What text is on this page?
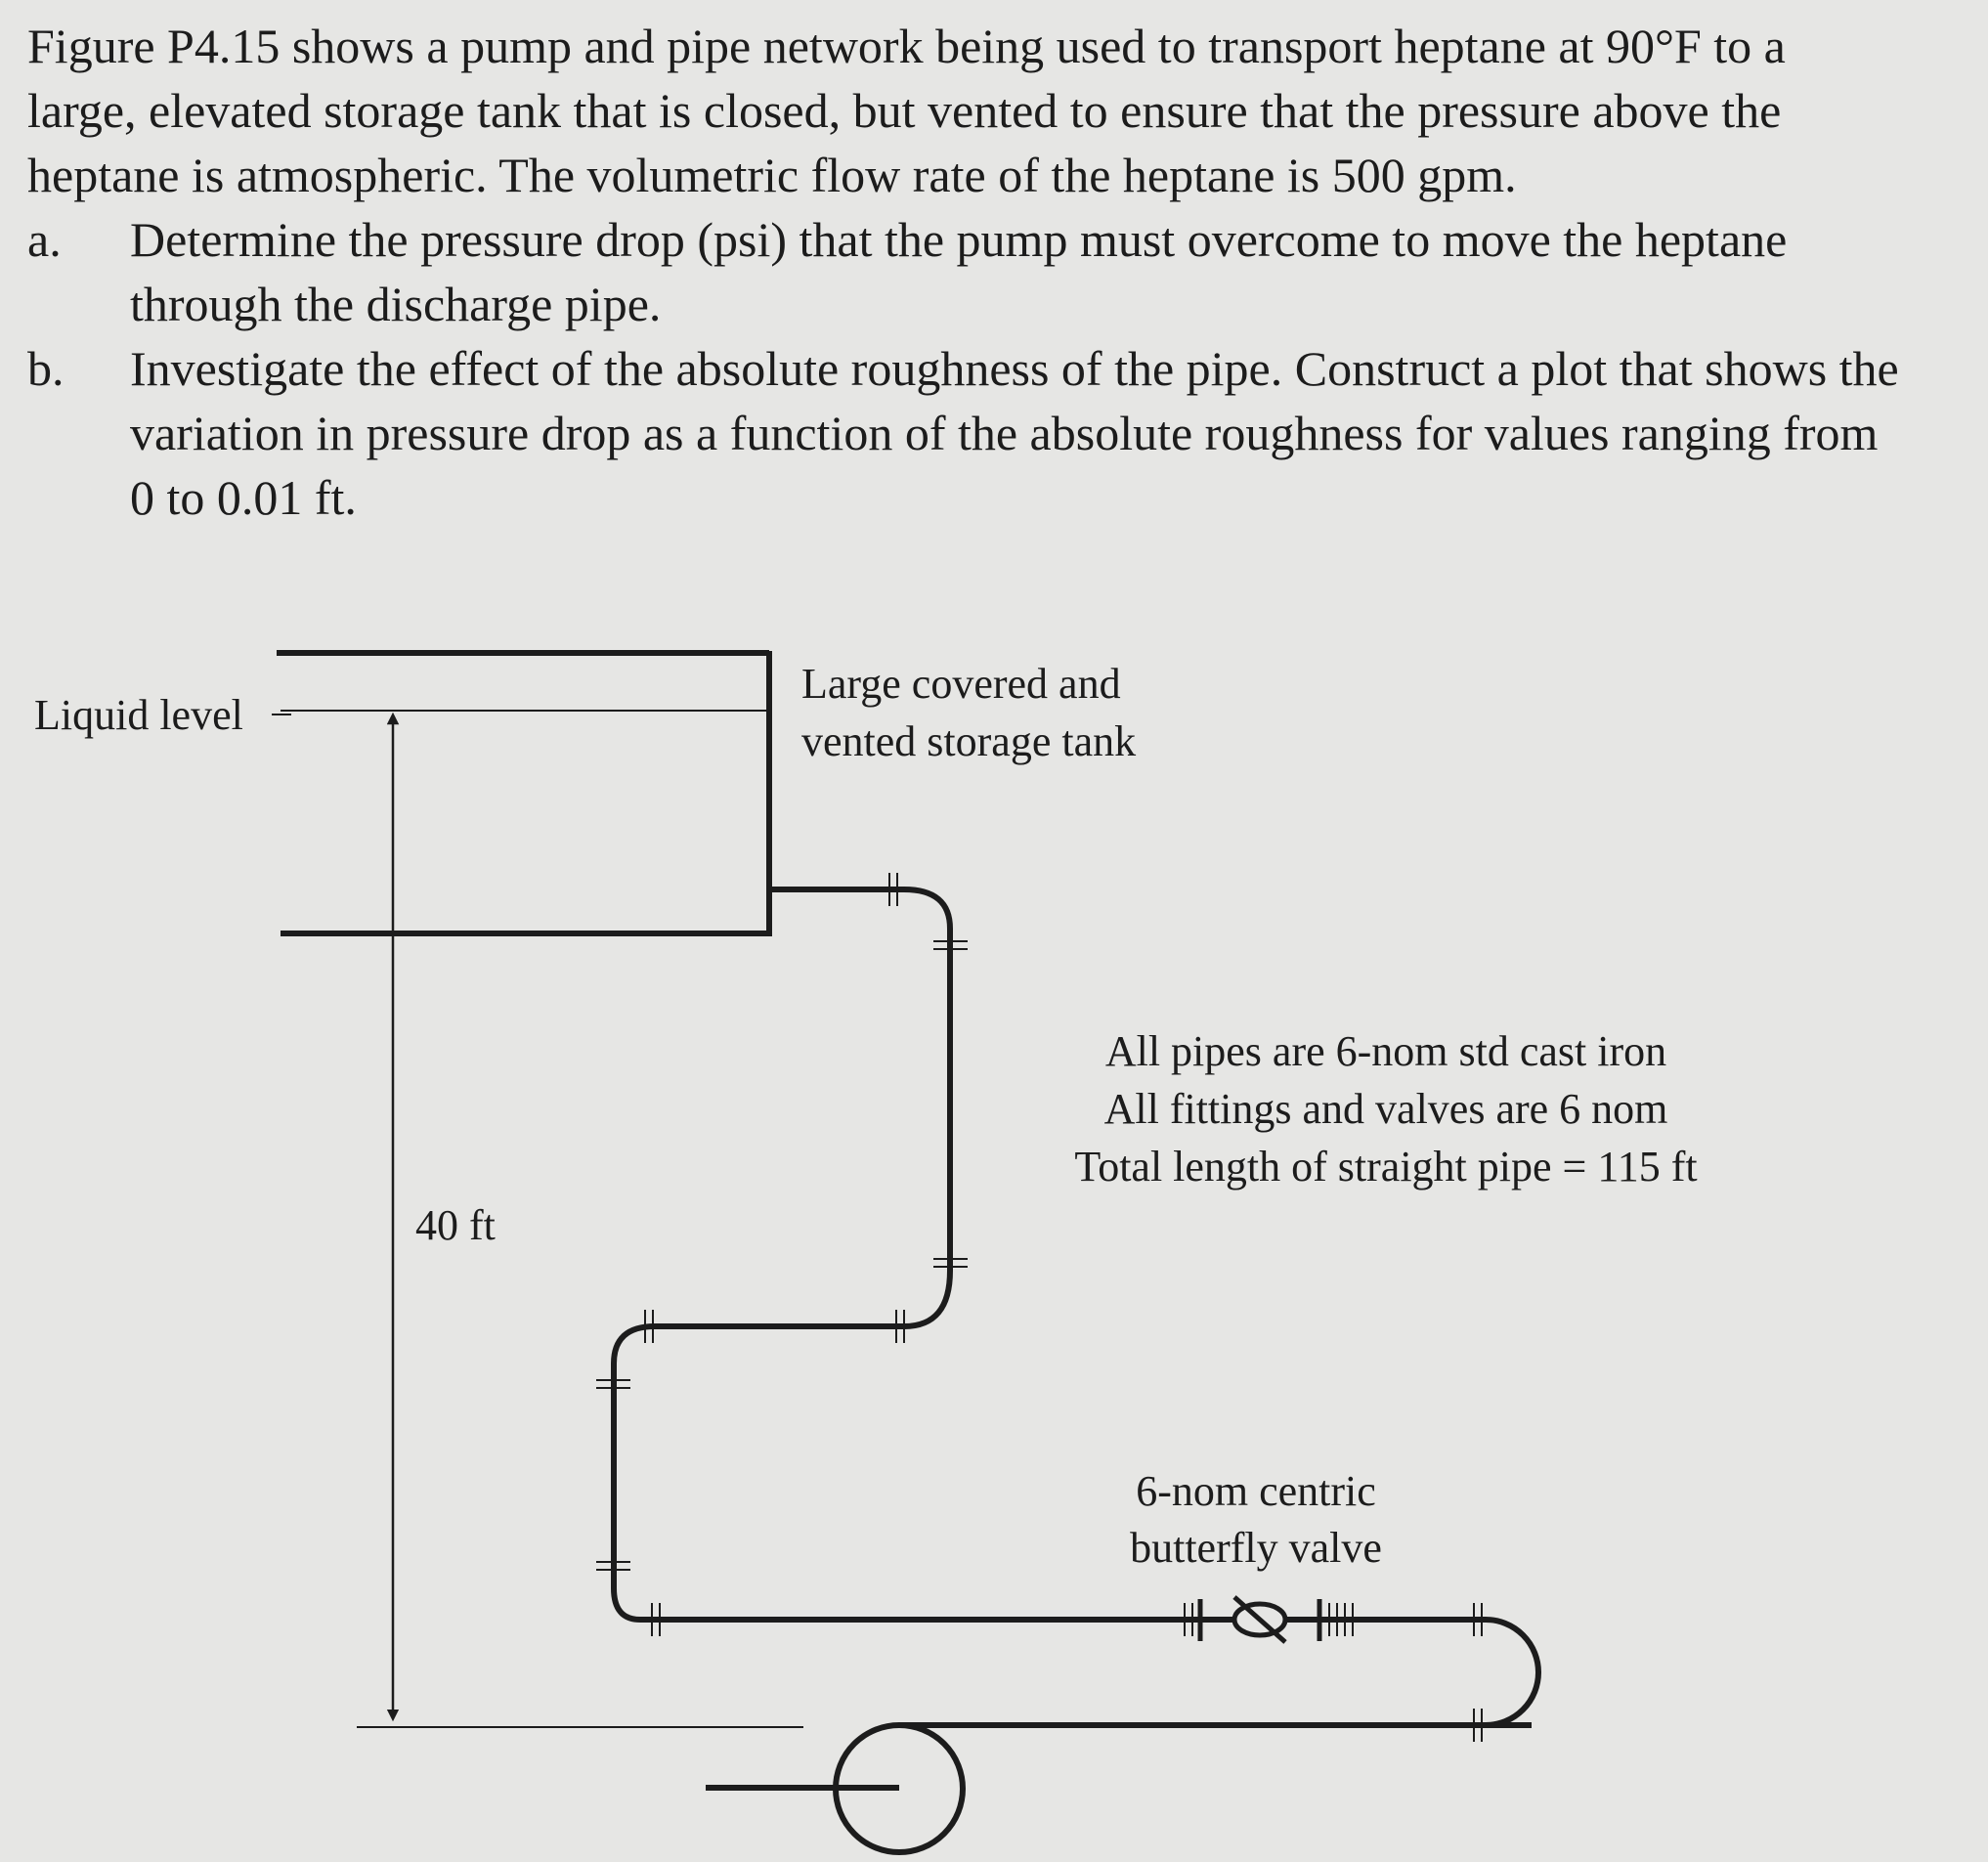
Figure P4.15 shows a pump and pipe network being used to transport heptane at 90°F to a large, elevated storage tank that is closed, but vented to ensure that the pressure above the heptane is atmospheric. The volumetric flow rate of the heptane is 500 gpm.

a.	Determine the pressure drop (psi) that the pump must overcome to move the heptane through the discharge pipe.
b.	Investigate the effect of the absolute roughness of the pipe. Construct a plot that shows the variation in pressure drop as a function of the absolute roughness for values ranging from 0 to 0.01 ft.
Liquid level
Large covered and
vented storage tank
40 ft
All pipes are 6-nom std cast iron
All fittings and valves are 6 nom
Total length of straight pipe = 115 ft
6-nom centric
butterfly valve
